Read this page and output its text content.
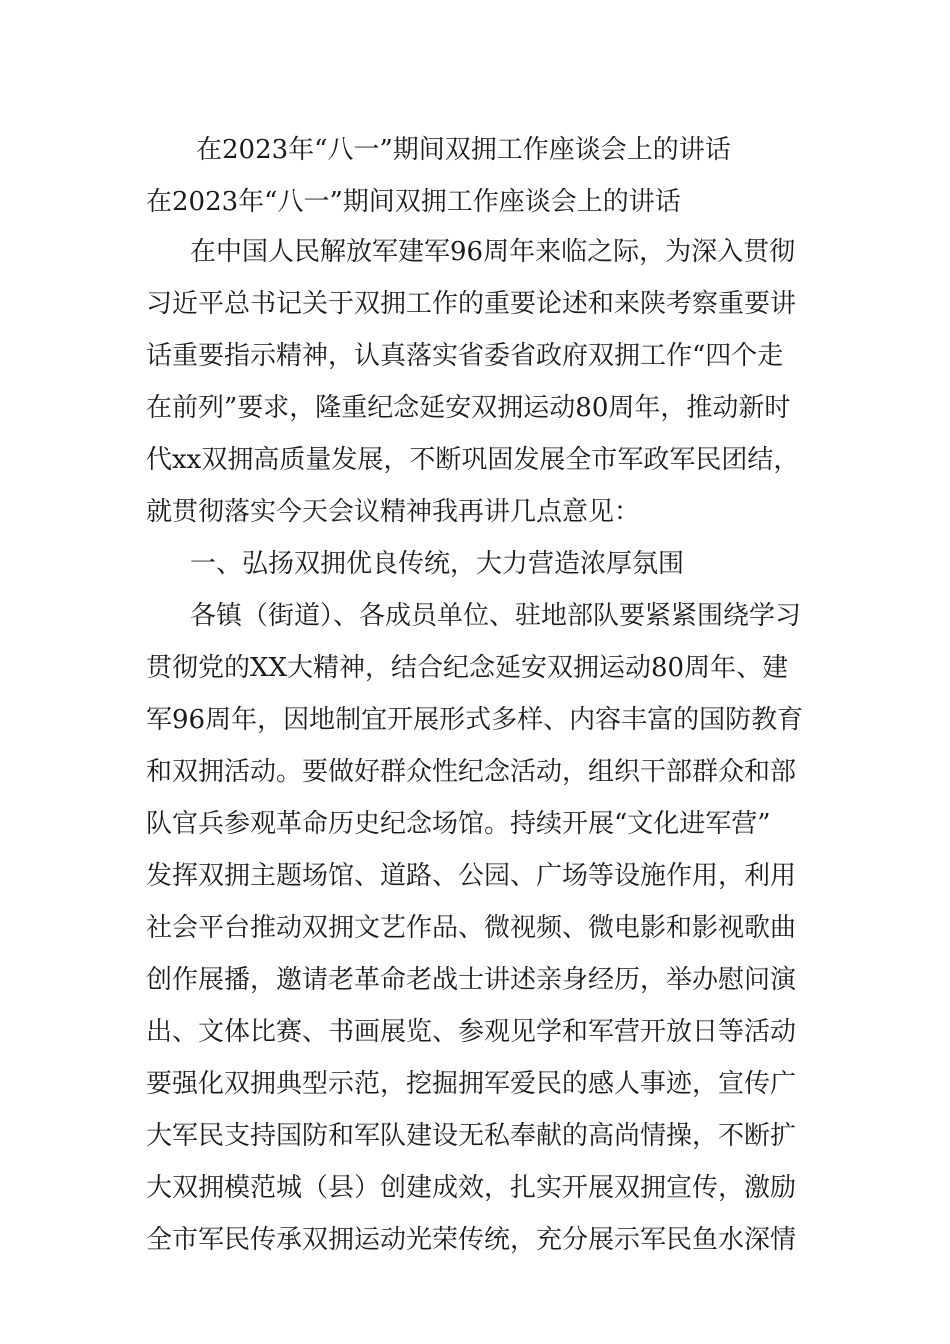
在2023年“八一”期间双拥工作座谈会上的讲话
在2023年“八一”期间双拥工作座谈会上的讲话
在中国人民解放军建军96周年来临之际，为深入贯彻
习近平总书记关于双拥工作的重要论述和来陕考察重要讲
话重要指示精神，认真落实省委省政府双拥工作“四个走
在前列”要求，隆重纪念延安双拥运动80周年，推动新时
代xx双拥高质量发展，不断巩固发展全市军政军民团结，
就贯彻落实今天会议精神我再讲几点意见：
一、弘扬双拥优良传统，大力营造浓厚氛围
各镇（街道）、各成员单位、驻地部队要紧紧围绕学习
贯彻党的XX大精神，结合纪念延安双拥运动80周年、建
军96周年，因地制宜开展形式多样、内容丰富的国防教育
和双拥活动。要做好群众性纪念活动，组织干部群众和部
队官兵参观革命历史纪念场馆。持续开展“文化进军营”
发挥双拥主题场馆、道路、公园、广场等设施作用，利用
社会平台推动双拥文艺作品、微视频、微电影和影视歌曲
创作展播，邀请老革命老战士讲述亲身经历，举办慰问演
出、文体比赛、书画展览、参观见学和军营开放日等活动
要强化双拥典型示范，挖掘拥军爱民的感人事迹，宣传广
大军民支持国防和军队建设无私奉献的高尚情操，不断扩
大双拥模范城（县）创建成效，扎实开展双拥宣传，激励
全市军民传承双拥运动光荣传统，充分展示军民鱼水深情
